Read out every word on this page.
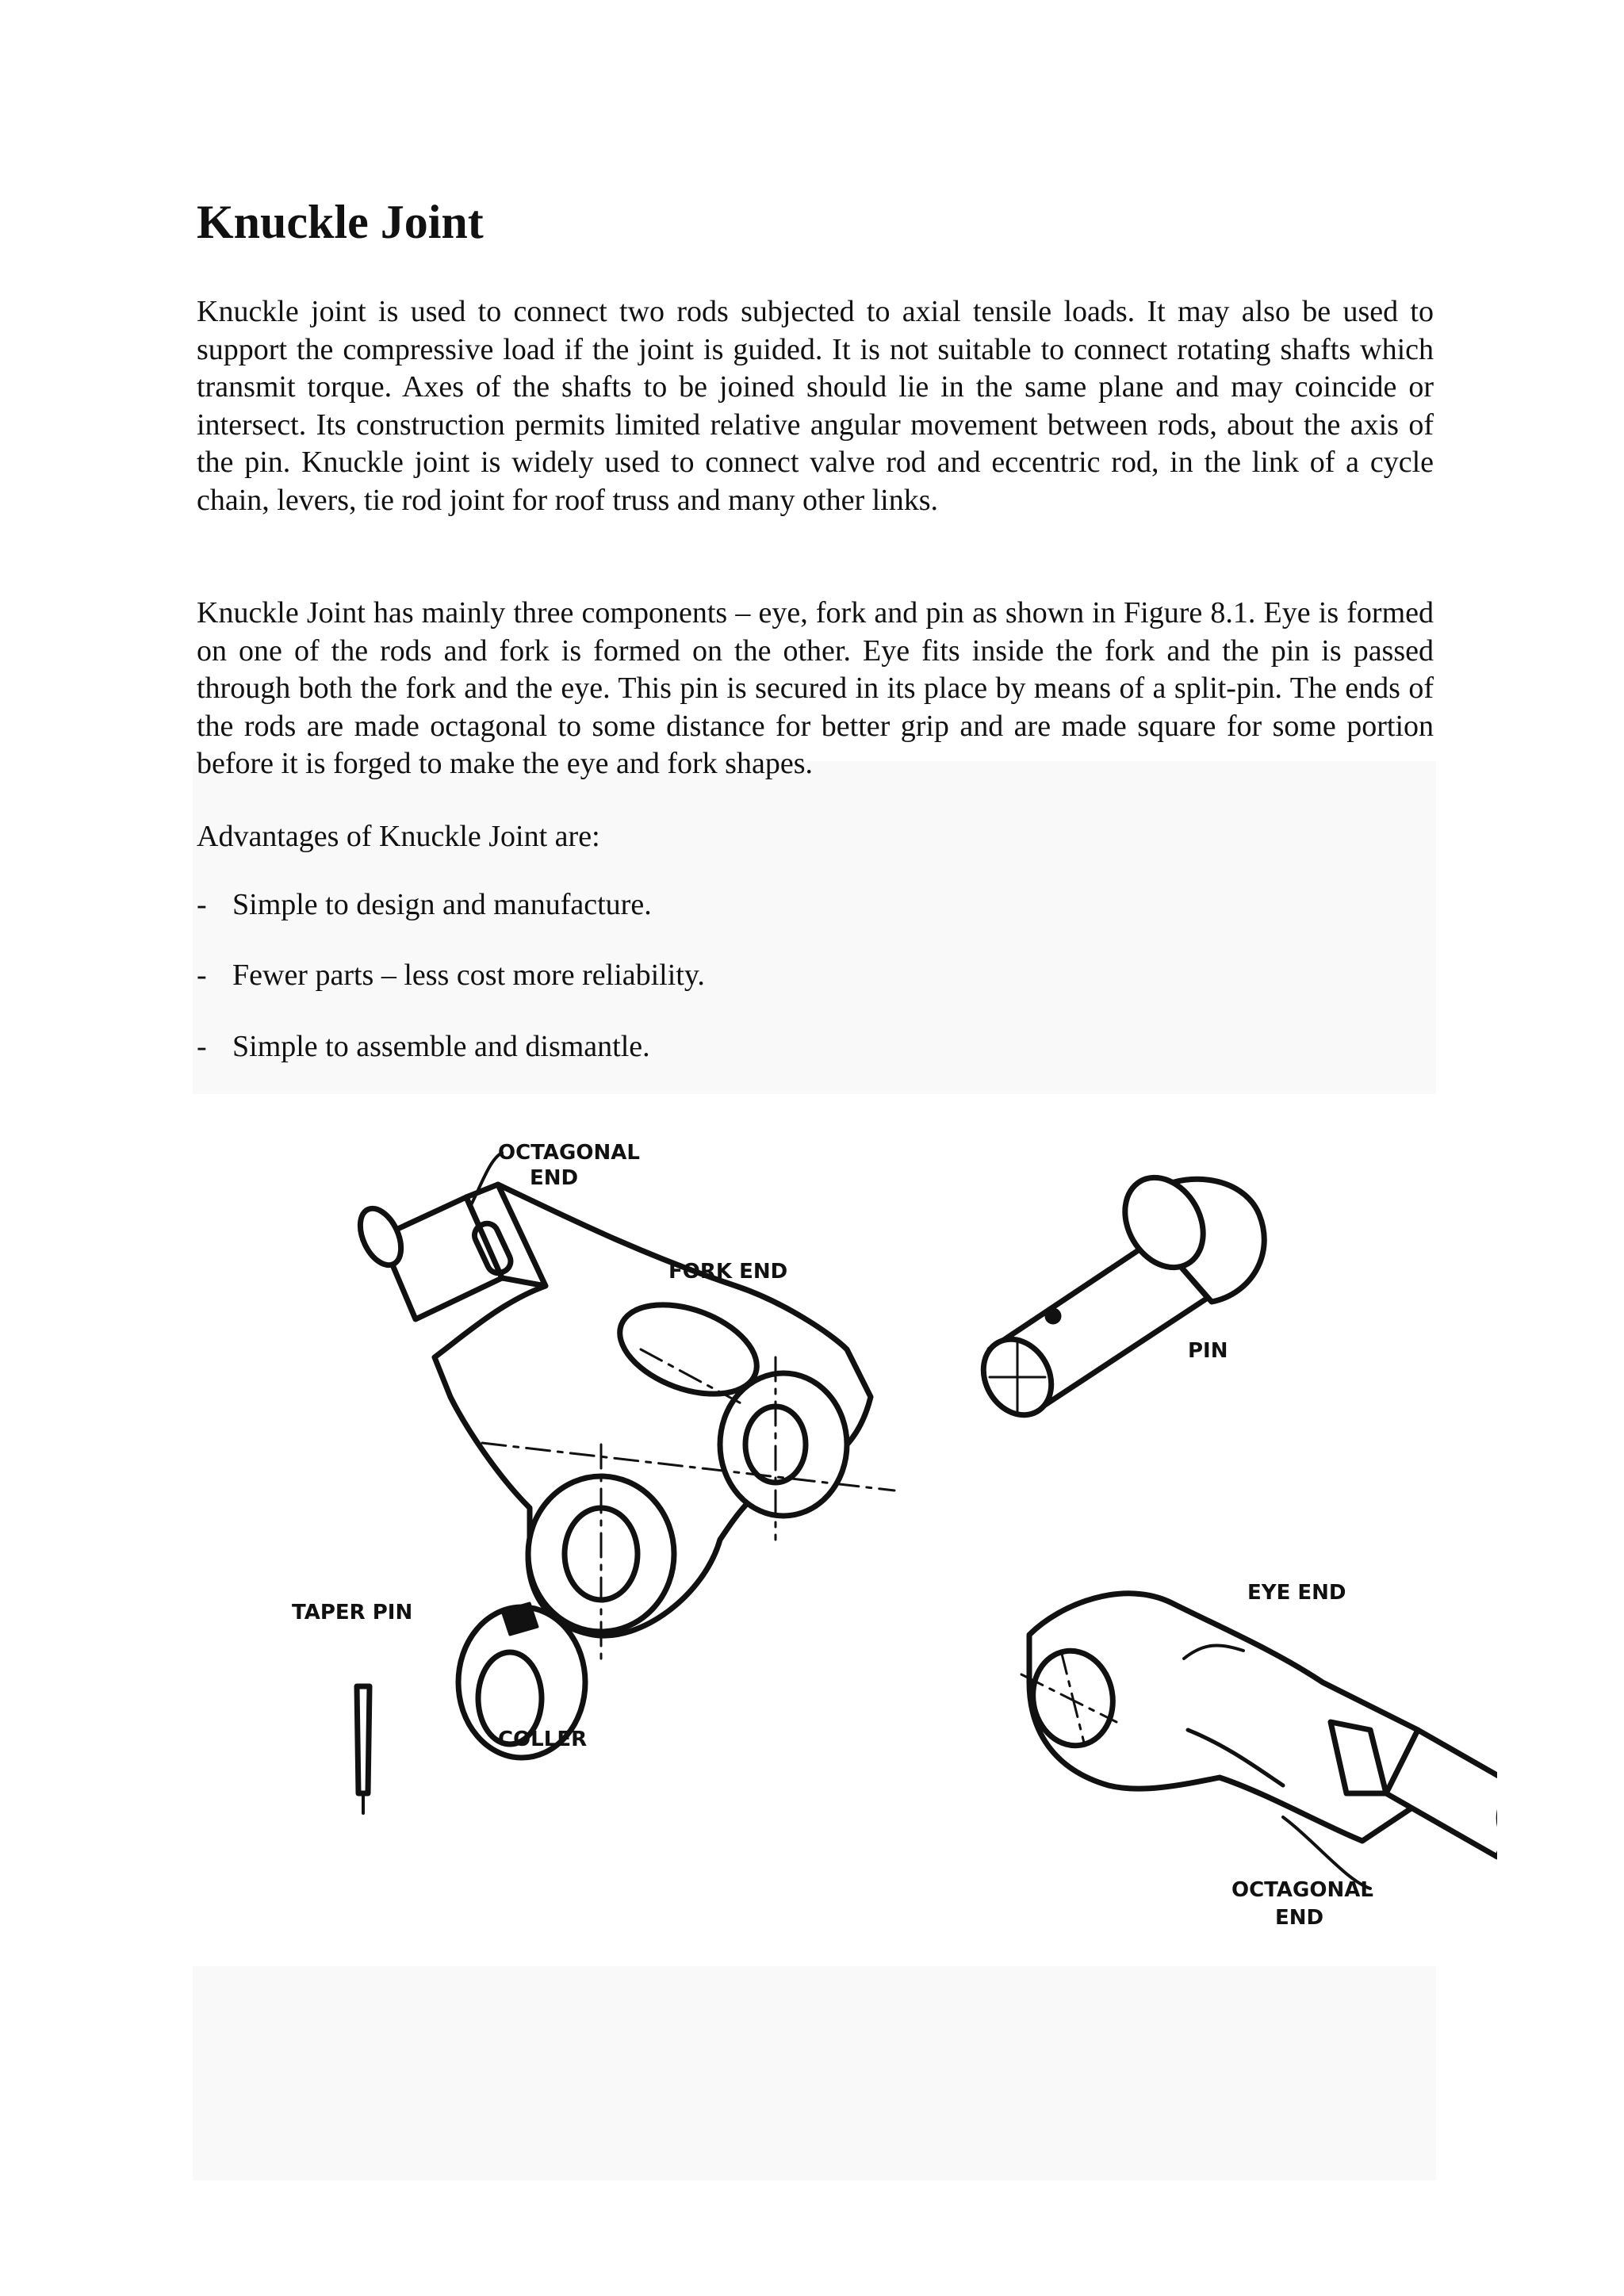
Knuckle Joint

Knuckle joint is used to connect two rods subjected to axial tensile loads. It may also be used to support the compressive load if the joint is guided. It is not suitable to connect rotating shafts which transmit torque. Axes of the shafts to be joined should lie in the same plane and may coincide or intersect. Its construction permits limited relative angular movement between rods, about the axis of the pin. Knuckle joint is widely used to connect valve rod and eccentric rod, in the link of a cycle chain, levers, tie rod joint for roof truss and many other links.

Knuckle Joint has mainly three components – eye, fork and pin as shown in Figure 8.1. Eye is formed on one of the rods and fork is formed on the other. Eye fits inside the fork and the pin is passed through both the fork and the eye. This pin is secured in its place by means of a split-pin. The ends of the rods are made octagonal to some distance for better grip and are made square for some portion before it is forged to make the eye and fork shapes.

Advantages of Knuckle Joint are:

- Simple to design and manufacture.

- Fewer parts – less cost more reliability.

- Simple to assemble and dismantle.

OCTAGONAL
END
FORK END
PIN
TAPER PIN
COLLER
EYE END
OCTAGONAL
END
